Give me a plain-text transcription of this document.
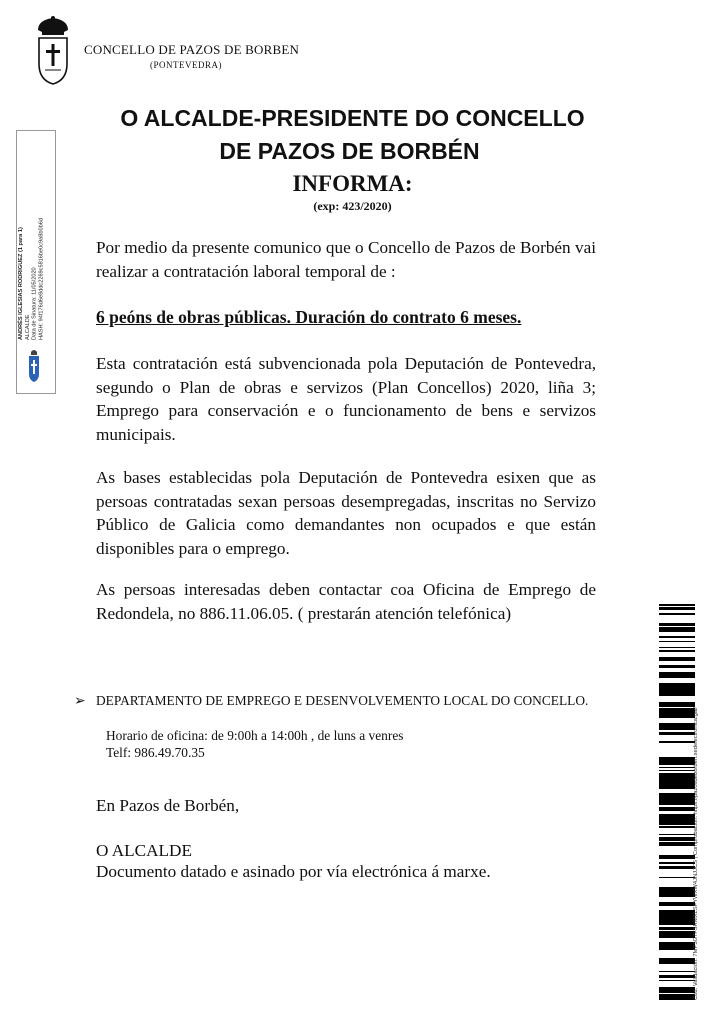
CONCELLO DE PAZOS DE BORBEN
(PONTEVEDRA)
O ALCALDE-PRESIDENTE DO CONCELLO
DE PAZOS DE BORBÉN
INFORMA:
(exp: 423/2020)
Por medio da presente comunico que o Concello de Pazos de Borbén vai realizar a contratación laboral temporal de :
6 peóns de obras públicas. Duración do contrato 6 meses.
Esta contratación está subvencionada pola Deputación de Pontevedra, segundo o Plan de obras e servizos (Plan Concellos) 2020, liña 3; Emprego para conservación e o funcionamento de bens e servizos municipais.
As bases establecidas pola Deputación de Pontevedra esixen que as persoas contratadas sexan persoas desempregadas, inscritas no Servizo Público de Galicia como demandantes non ocupados e que están disponibles para o emprego.
As persoas interesadas deben contactar coa Oficina de Emprego de Redondela, no 886.11.06.05. ( prestarán atención telefónica)
➢ DEPARTAMENTO DE EMPREGO E DESENVOLVEMENTO LOCAL DO CONCELLO.
Horario de oficina: de 9:00h a 14:00h , de luns a venres
Telf: 986.49.70.35
En Pazos de Borbén,
O ALCALDE
Documento datado e asinado por vía electrónica á marxe.
ANDRÉS IGLESIAS RODRIGUEZ (1 para 1) ALCALDE Data de Sinatura: 11/05/2020 HASH: 94f176d6e8ddc2269c5816be0c9a8b0b6d
Cód. Validación: 7MP5G7FSRMXLSFYWXW4JNJJCS | Comprobación: https://pazosdeborben.sedelectronica.gal/
